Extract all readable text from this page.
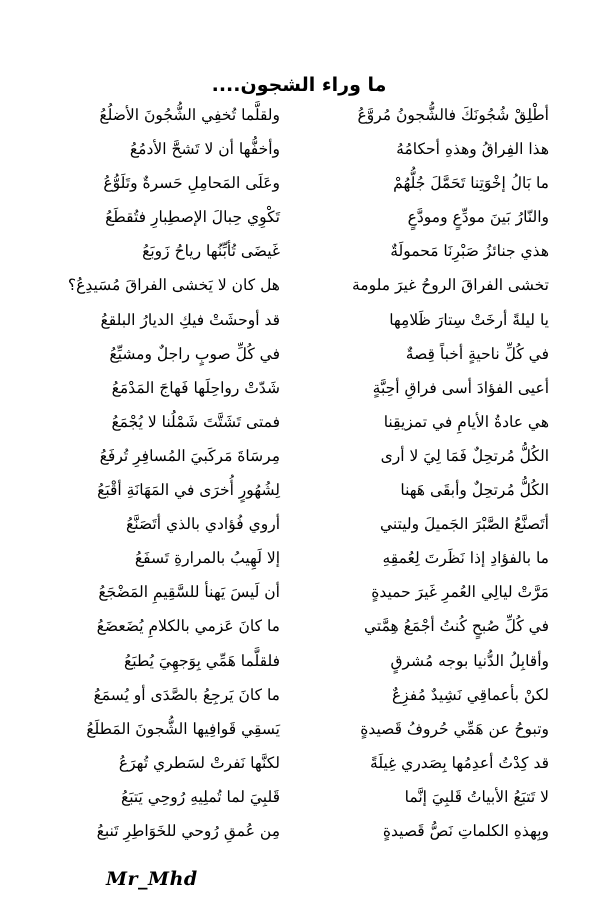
ما وراء الشجون....
أطْلِقْ شُجُونَكَ فالشُّجونُ مُروَّعُ
ولقلَّما تُخفِي الشُّجُونَ الأضلُعُ
هذا الفِراقُ وهذهِ أحكامُهُ
وأخفُّها أن لا تَشحَّ الأدمُعُ
ما بَالُ إخْوَتِنا تَحَمَّلَ جُلُّهُمْ
وعَلَى المَحامِلِ حَسرةٌ وتَلَوُّعُ
والنّارُ بَينَ مودِّعٍ ومودَّعٍ
تَكْوِي حِبالَ الإصطِبارِ فتُقطَعُ
هذي جنائزُ صَبْرِنَا مَحمولَةٌ
غَيضَى تُأبِّنُها رياحُ زَوبَعُ
تخشى الفراقَ الروحُ غيرَ ملومة
هل كان لا يَخشى الفراقَ مُسَيدِعُ؟
يا ليلةً أرخَتْ سِتارَ ظَلامِها
قد أوحشَتْ فيكِ الديارُ البلقعُ
في كُلِّ ناحيةٍ أخباً قِصةٌ
في كُلِّ صوبٍ راجلٌ ومشيِّعُ
أعيى الفؤادَ أسى فراقِ أحِبَّةٍ
شَدّتْ رواحِلَها فَهاجَ المَدْمَعُ
هي عادةُ الأيامِ في تمزيقِنا
فمتى تَشَتَّتَ شَمْلُنا لا يُجْمَعُ
الكُلُّ مُرتحِلٌ فَمَا لِيَ لا أرى
مِرسَاةَ مَركَبيَ المُسافِرِ تُرفَعُ
الكُلُّ مُرتحِلٌ وأبقَى هَهنا
لِشُهُورٍ أُخرَى في المَهَانَةِ أقْبَعُ
أتَصنَّعُ الصَّبْرَ الجَميلَ وليتني
أروي فُؤادي بالذي أتَصَنَّعُ
ما بالفؤادِ إذا نَظَرتَ لِعُمقِهِ
إلا لَهِيبُ بالمرارةِ تَسفَعُ
مَرَّتْ ليالِي العُمرِ غَيرَ حميدةٍ
أن لَيسَ يَهنأ للسَّقِيمِ المَضْجَعُ
في كُلِّ صُبحٍ كُنتُ أجْمَعُ هِمَّتي
ما كانَ عَزمي بالكلامِ يُضَعضَعُ
وأقابِلُ الدُّنيا بوجه مُشرقٍ
فلقلَّما هَمِّي بِوَجهِيَ يُطبَعُ
لكنْ بأعماقِي نَشِيدٌ مُفزِعٌ
ما كانَ يَرجِعُ بالصَّدَى أو يُسمَعُ
وتبوحُ عن هَمِّي حُروفُ قَصيدةٍ
يَسقِي قَوافِيها الشُّجونَ المَطلَعُ
قد كِدْتُ أعدِمُها بِصَدري غِيلَةً
لكنَّها نَفرتْ لسَطري تُهرَعُ
لا تَتبَعُ الأبياتُ قَلبِيَ إنَّما
قَلبِيَ لما تُملِيهِ رُوحِي يَتبَعُ
وبِهذهِ الكلماتِ نَصُّ قَصيدةٍ
مِن عُمقِ رُوحي للخَوَاطِرِ تَنبعُ
Mr_Mhd
